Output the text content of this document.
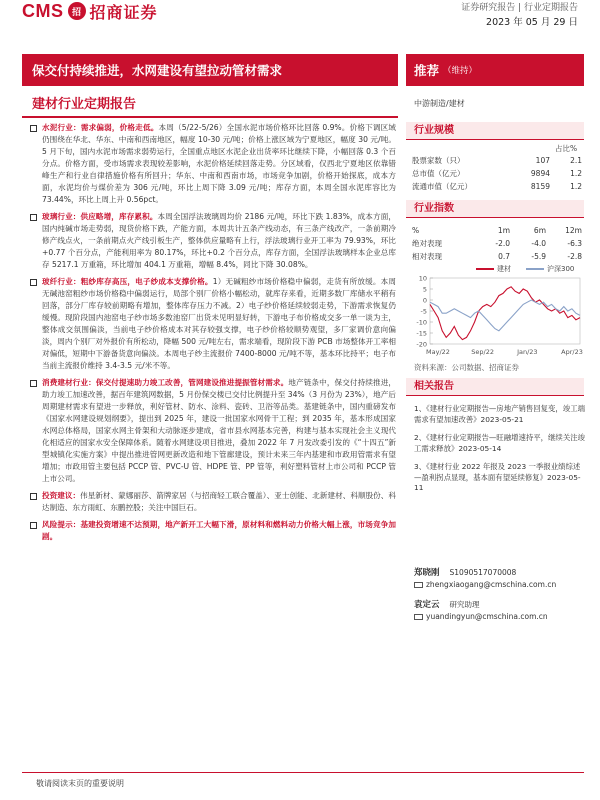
CMS 招 招商证券	证券研究报告 | 行业定期报告
2023 年 05 月 29 日
保交付持续推进，水网建设有望拉动管材需求	推荐 （维持）
建材行业定期报告
水泥行业：需求偏弱，价格走低。本周（5/22-5/26）全国水泥市场价格环比回落 0.9%。价格下调区域仍围绕在华北、华东、中南和西南地区，幅度 10-30 元/吨；价格上涨区域为宁夏地区，幅度 30 元/吨。5 月下旬，国内水泥市场需求弱势运行，全国重点地区水泥企业出货率环比继续下降，小幅回落 0.3 个百分点。价格方面，受市场需求表现较差影响，水泥价格延续回落走势。分区域看，仅西北宁夏地区依靠错峰生产和行业自律措施价格有所回升；华东、中南和西南市场，市场竞争加剧，价格开始探底，成本方面，水泥均价与煤价差为 306 元/吨，环比上周下降 3.09 元/吨；库存方面，本周全国水泥库容比为 73.44%，环比上周上升 0.56pct。
玻璃行业：供应略增，库存累积。本周全国浮法玻璃周均价 2186 元/吨，环比下跌 1.83%，成本方面，国内纯碱市场走势弱，现货价格下跌，产能方面，本周共计五条产线动态，有三条产线改产，一条前期冷修产线点火，一条前期点火产线引板生产，整体供应量略有上行，浮法玻璃行业开工率为 79.93%，环比+0.77 个百分点，产能利用率为 80.17%，环比+0.2 个百分点，库存方面，全国浮法玻璃样本企业总库存 5217.1 万重箱，环比增加 404.1 万重箱，增幅 8.4%，同比下降 30.08%。
玻纤行业：粗纱库存高压，电子纱成本支撑价格。1）无碱粗纱市场价格稳中偏弱，走货有所放缓。本周无碱池窑粗纱市场价格稳中偏弱运行，局部个别厂价格小幅松动，就库存来看，近期多数厂库储水平稍有回落，部分厂库存较前期略有增加，整体库存压力不减。2）电子纱价格延续较弱走势，下游需求恢复仍缓慢。现阶段国内池窑电子纱市场多数池窑厂出货未见明显好转，下游电子布价格成交多一单一谈为主，整体成交氛围偏淡，当前电子纱价格成本对其存较强支撑，电子纱价格较顺势观望，多厂家调价意向偏淡，周内个别厂对外报价有所松动，降幅 500 元/吨左右，需求端看，现阶段下游 PCB 市场整体开工率相对偏低，短期中下游备货意向偏淡。本周电子纱主流报价 7400-8000 元/吨不等，基本环比持平；电子布当前主流报价维持 3.4-3.5 元/米不等。
消费建材行业：保交付提速助力竣工改善，管网建设推进提振管材需求。地产链条中，保交付持续推进，助力竣工加速改善，据百年建筑网数据，5 月份保交楼已交付比例提升至 34%（3 月份为 23%），地产后周期建材需求有望进一步释放，利好管材、防水、涂料、瓷砖、卫浴等品类。基建链条中，国内重磅发布《国家水网建设规划纲要》，提出到 2025 年，建设一批国家水网骨干工程；到 2035 年，基本形成国家水网总体格局，国家水网主骨架和大动脉逐步建成，省市县水网基本完善，构建与基本实现社会主义现代化相适应的国家水安全保障体系。随着水网建设项目推进，叠加 2022 年 7 月发改委引发的《“十四五”新型城镇化实施方案》中提出推进管网更新改造和地下管廊建设，预计未来三年内基建和市政用管需求有望增加；市政用管主要包括 PCCP 管、PVC-U 管、HDPE 管、PP 管等，利好塑料管材上市公司和 PCCP 管上市公司。
投资建议：伟星新材、蒙娜丽莎、箭牌家居（与招商轻工联合覆盖）、亚士创能、北新建材、科顺股份、科达制造、东方雨虹、东鹏控股；关注中国巨石。
风险提示：基建投资增速不达预期，地产新开工大幅下滑，原材料和燃料动力价格大幅上涨，市场竞争加剧。
中游制造/建材
行业规模
占比%
股票家数（只）	107	2.1
总市值（亿元）	9894	1.2
流通市值（亿元）	8159	1.2
行业指数
%	1m	6m	12m
绝对表现	-2.0	-4.0	-6.3
相对表现	0.7	-5.9	-2.8
建材	沪深300
10
5
0
-5
-10
-15
-20
May/22	Sep/22	Jan/23	Apr/23
资料来源：公司数据、招商证券
相关报告
1、《建材行业定期报告—房地产销售回复变，竣工端需求有望加速改善》2023-05-21
2、《建材行业定期报告—旺融增速持平，继续关注竣工需求释放》2023-05-14
3、《建材行业 2022 年报及 2023 一季报业绩综述—盈利拐点显现，基本面有望延续修复》2023-05-11
郑晓刚 S1090517070008
zhengxiaogang@cmschina.com.cn
袁定云 研究助理
yuandingyun@cmschina.com.cn
敬请阅读末页的重要说明
